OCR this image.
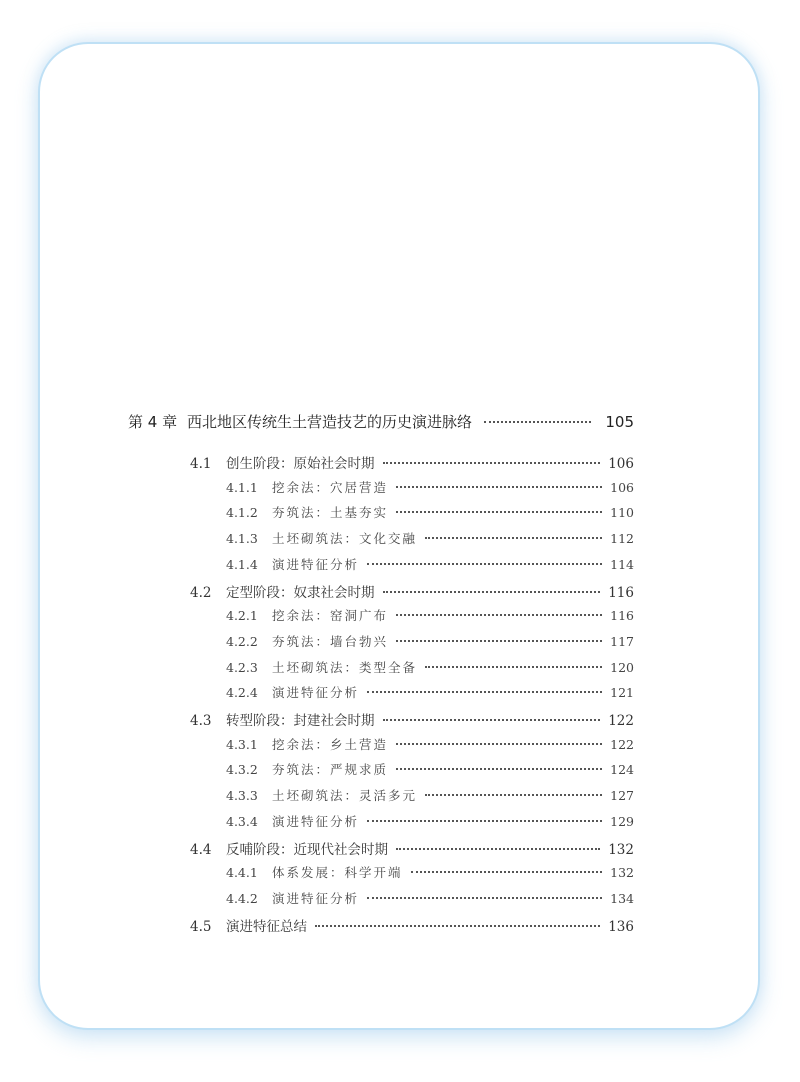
第 4 章 西北地区传统生土营造技艺的历史演进脉络	105
4.1	创生阶段：原始社会时期	106
4.1.1	挖余法：穴居营造	106
4.1.2	夯筑法：土基夯实	110
4.1.3	土坯砌筑法：文化交融	112
4.1.4	演进特征分析	114
4.2	定型阶段：奴隶社会时期	116
4.2.1	挖余法：窑洞广布	116
4.2.2	夯筑法：墙台勃兴	117
4.2.3	土坯砌筑法：类型全备	120
4.2.4	演进特征分析	121
4.3	转型阶段：封建社会时期	122
4.3.1	挖余法：乡土营造	122
4.3.2	夯筑法：严规求质	124
4.3.3	土坯砌筑法：灵活多元	127
4.3.4	演进特征分析	129
4.4	反哺阶段：近现代社会时期	132
4.4.1	体系发展：科学开端	132
4.4.2	演进特征分析	134
4.5	演进特征总结	136
